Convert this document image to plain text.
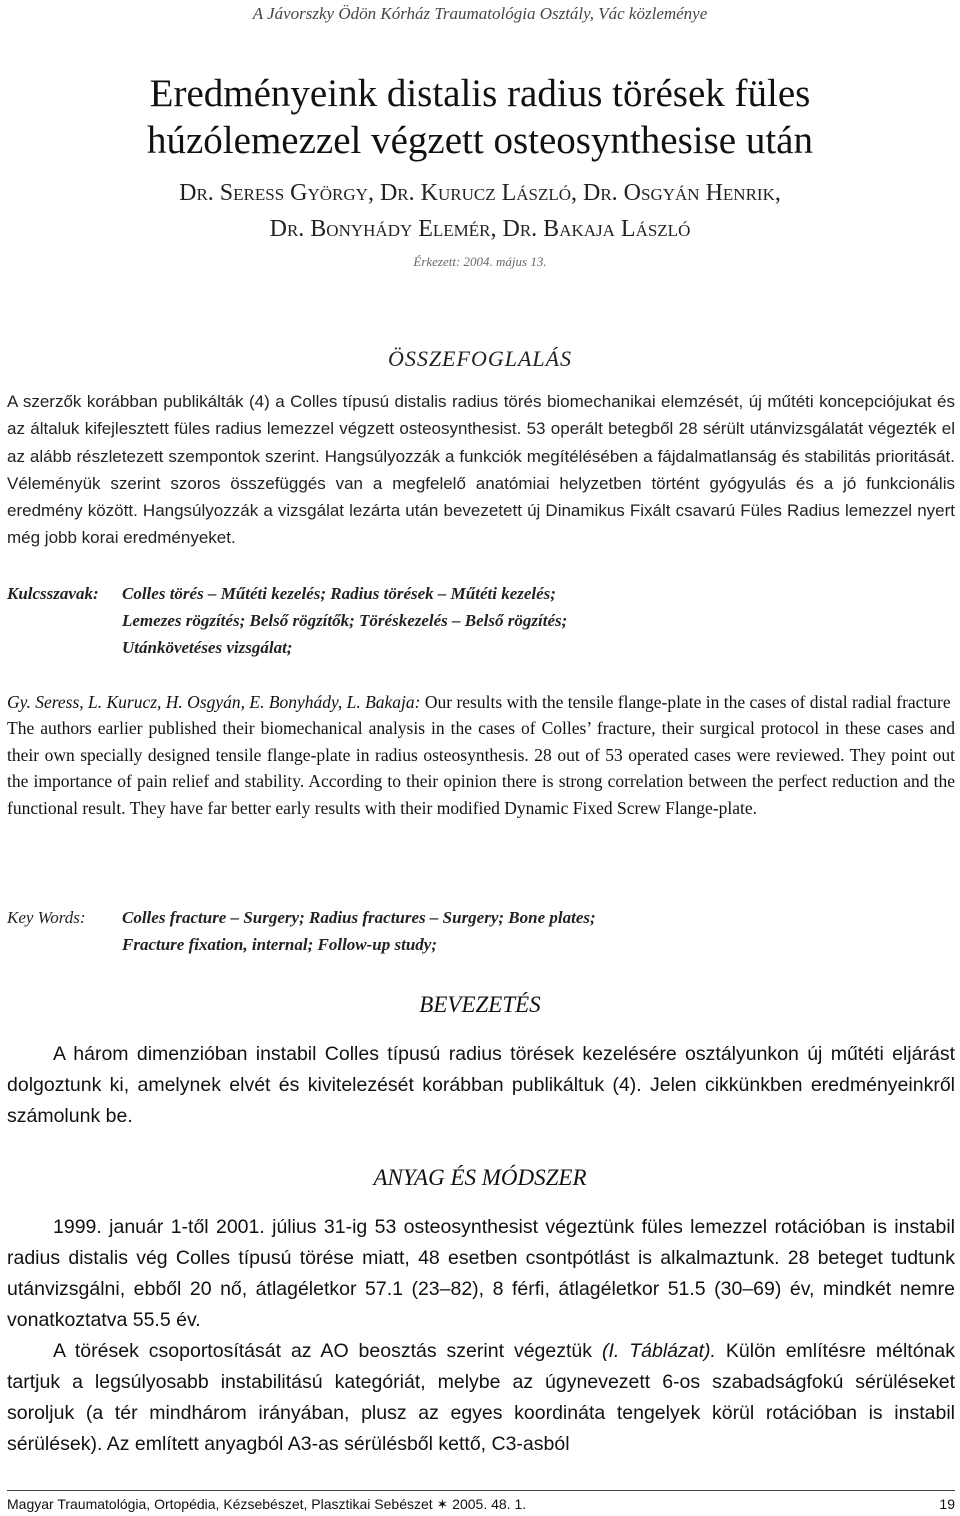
A Jávorszky Ödön Kórház Traumatológia Osztály, Vác közleménye
Eredményeink distalis radius törések füles
húzólemezzel végzett osteosynthesise után
Dr. Seress György, Dr. Kurucz László, Dr. Osgyán Henrik,
Dr. Bonyhády Elemér, Dr. Bakaja László
Érkezett: 2004. május 13.
ÖSSZEFOGLALÁS

A szerzők korábban publikálták (4) a Colles típusú distalis radius törés biomechanikai elemzését, új műtéti koncepciójukat és az általuk kifejlesztett füles radius lemezzel végzett osteosynthesist. 53 operált betegből 28 sérült utánvizsgálatát végezték el az alább részletezett szempontok szerint. Hangsúlyozzák a funkciók megítélésében a fájdalmatlanság és stabilitás prioritását. Véleményük szerint szoros összefüggés van a megfelelő anatómiai helyzetben történt gyógyulás és a jó funkcionális eredmény között. Hangsúlyozzák a vizsgálat lezárta után bevezetett új Dinamikus Fixált csavarú Füles Radius lemezzel nyert még jobb korai eredményeket.

Kulcsszavak: Colles törés – Műtéti kezelés; Radius törések – Műtéti kezelés;
Lemezes rögzítés; Belső rögzítők; Töréskezelés – Belső rögzítés;
Utánkövetéses vizsgálat;

Gy. Seress, L. Kurucz, H. Osgyán, E. Bonyhády, L. Bakaja: Our results with the tensile flange-plate in the cases of distal radial fracture
The authors earlier published their biomechanical analysis in the cases of Colles’ fracture, their surgical protocol in these cases and their own specially designed tensile flange-plate in radius osteosynthesis. 28 out of 53 operated cases were reviewed. They point out the importance of pain relief and stability. According to their opinion there is strong correlation between the perfect reduction and the functional result. They have far better early results with their modified Dynamic Fixed Screw Flange-plate.

Key Words: Colles fracture – Surgery; Radius fractures – Surgery; Bone plates;
Fracture fixation, internal; Follow-up study;
BEVEZETÉS

A három dimenzióban instabil Colles típusú radius törések kezelésére osztályunkon új műtéti eljárást dolgoztunk ki, amelynek elvét és kivitelezését korábban publikáltuk (4). Jelen cikkünkben eredményeinkről számolunk be.

ANYAG ÉS MÓDSZER

1999. január 1-től 2001. július 31-ig 53 osteosynthesist végeztünk füles lemezzel rotációban is instabil radius distalis vég Colles típusú törése miatt, 48 esetben csontpótlást is alkalmaztunk. 28 beteget tudtunk utánvizsgálni, ebből 20 nő, átlagéletkor 57.1 (23–82), 8 férfi, átlagéletkor 51.5 (30–69) év, mindkét nemre vonatkoztatva 55.5 év.

A törések csoportosítását az AO beosztás szerint végeztük (I. Táblázat). Külön említésre méltónak tartjuk a legsúlyosabb instabilitású kategóriát, melybe az úgynevezett 6-os szabadságfokú sérüléseket soroljuk (a tér mindhárom irányában, plusz az egyes koordináta tengelyek körül rotációban is instabil sérülések). Az említett anyagból A3-as sérülésből kettő, C3-asból

Magyar Traumatológia, Ortopédia, Kézsebészet, Plasztikai Sebészet ✶ 2005. 48. 1.	19
